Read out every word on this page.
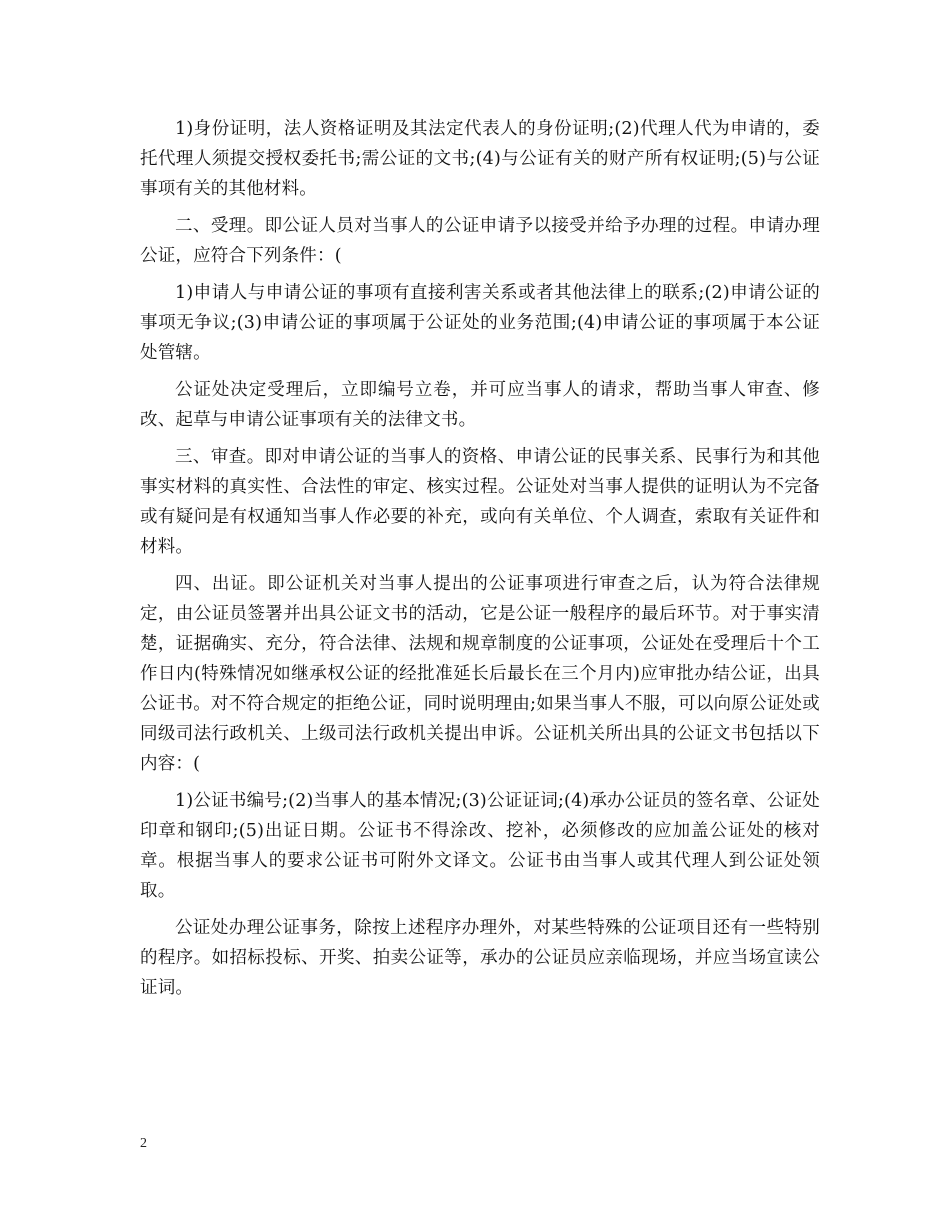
1)身份证明，法人资格证明及其法定代表人的身份证明;(2)代理人代为申请的，委托代理人须提交授权委托书;需公证的文书;(4)与公证有关的财产所有权证明;(5)与公证事项有关的其他材料。

二、受理。即公证人员对当事人的公证申请予以接受并给予办理的过程。申请办理公证，应符合下列条件：(

1)申请人与申请公证的事项有直接利害关系或者其他法律上的联系;(2)申请公证的事项无争议;(3)申请公证的事项属于公证处的业务范围;(4)申请公证的事项属于本公证处管辖。

公证处决定受理后，立即编号立卷，并可应当事人的请求，帮助当事人审查、修改、起草与申请公证事项有关的法律文书。

三、审查。即对申请公证的当事人的资格、申请公证的民事关系、民事行为和其他事实材料的真实性、合法性的审定、核实过程。公证处对当事人提供的证明认为不完备或有疑问是有权通知当事人作必要的补充，或向有关单位、个人调查，索取有关证件和材料。

四、出证。即公证机关对当事人提出的公证事项进行审查之后，认为符合法律规定，由公证员签署并出具公证文书的活动，它是公证一般程序的最后环节。对于事实清楚，证据确实、充分，符合法律、法规和规章制度的公证事项，公证处在受理后十个工作日内(特殊情况如继承权公证的经批准延长后最长在三个月内)应审批办结公证，出具公证书。对不符合规定的拒绝公证，同时说明理由;如果当事人不服，可以向原公证处或同级司法行政机关、上级司法行政机关提出申诉。公证机关所出具的公证文书包括以下内容：(

1)公证书编号;(2)当事人的基本情况;(3)公证证词;(4)承办公证员的签名章、公证处印章和钢印;(5)出证日期。公证书不得涂改、挖补，必须修改的应加盖公证处的核对章。根据当事人的要求公证书可附外文译文。公证书由当事人或其代理人到公证处领取。

公证处办理公证事务，除按上述程序办理外，对某些特殊的公证项目还有一些特别的程序。如招标投标、开奖、拍卖公证等，承办的公证员应亲临现场，并应当场宣读公证词。

2
